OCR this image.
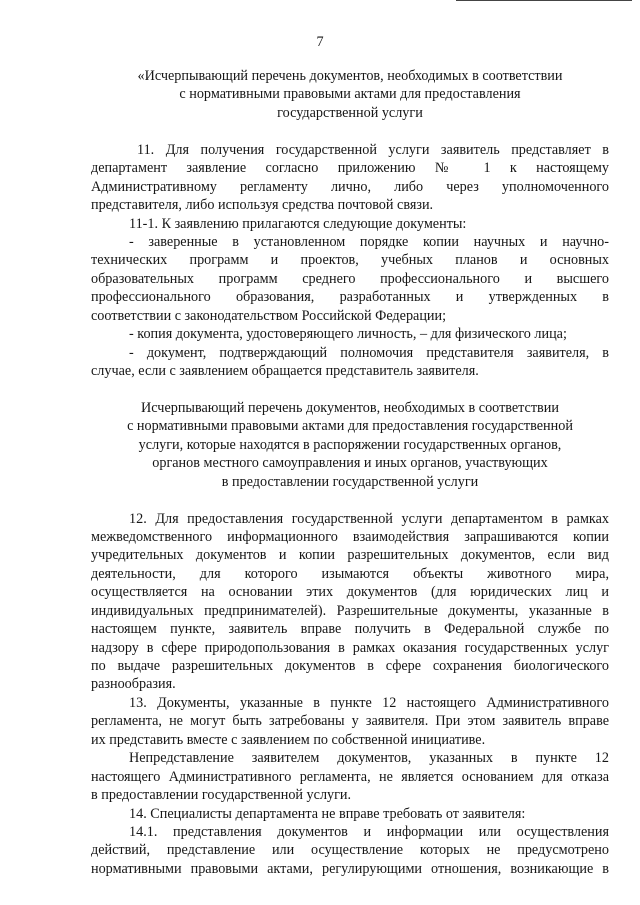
7
«Исчерпывающий перечень документов, необходимых в соответствии
с нормативными правовыми актами для предоставления
государственной услуги
11. Для получения государственной услуги заявитель представляет в
департамент заявление согласно приложению № 1 к настоящему
Административному регламенту лично, либо через уполномоченного
представителя, либо используя средства почтовой связи.
11-1. К заявлению прилагаются следующие документы:
- заверенные в установленном порядке копии научных и научно-
технических программ и проектов, учебных планов и основных
образовательных программ среднего профессионального и высшего
профессионального образования, разработанных и утвержденных в
соответствии с законодательством Российской Федерации;
- копия документа, удостоверяющего личность, – для физического лица;
- документ, подтверждающий полномочия представителя заявителя, в
случае, если с заявлением обращается представитель заявителя.
Исчерпывающий перечень документов, необходимых в соответствии
с нормативными правовыми актами для предоставления государственной
услуги, которые находятся в распоряжении государственных органов,
органов местного самоуправления и иных органов, участвующих
в предоставлении государственной услуги
12. Для предоставления государственной услуги департаментом в рамках
межведомственного информационного взаимодействия запрашиваются копии
учредительных документов и копии разрешительных документов, если вид
деятельности, для которого изымаются объекты животного мира,
осуществляется на основании этих документов (для юридических лиц и
индивидуальных предпринимателей). Разрешительные документы, указанные в
настоящем пункте, заявитель вправе получить в Федеральной службе по
надзору в сфере природопользования в рамках оказания государственных услуг
по выдаче разрешительных документов в сфере сохранения биологического
разнообразия.
13. Документы, указанные в пункте 12 настоящего Административного
регламента, не могут быть затребованы у заявителя. При этом заявитель вправе
их представить вместе с заявлением по собственной инициативе.
Непредставление заявителем документов, указанных в пункте 12
настоящего Административного регламента, не является основанием для отказа
в предоставлении государственной услуги.
14. Специалисты департамента не вправе требовать от заявителя:
14.1. представления документов и информации или осуществления
действий, представление или осуществление которых не предусмотрено
нормативными правовыми актами, регулирующими отношения, возникающие в
